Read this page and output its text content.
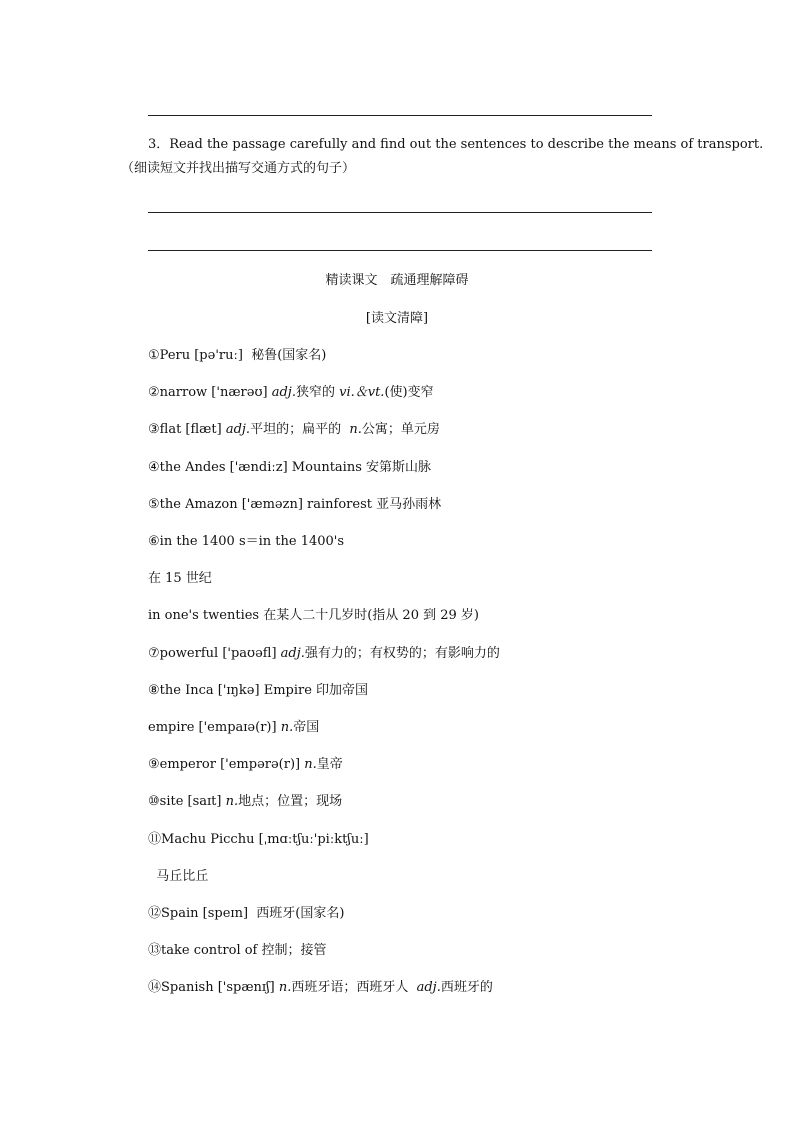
3．Read the passage carefully and find out the sentences to describe the means of transport.
（细读短文并找出描写交通方式的句子）
精读课文　疏通理解障碍
[读文清障]
①Peru [pə'ruː]  秘鲁(国家名)
②narrow ['nærəʊ] adj.狭窄的 vi.＆vt.(使)变窄
③flat [flæt] adj.平坦的；扁平的  n.公寓；单元房
④the Andes ['ændiːz] Mountains 安第斯山脉
⑤the Amazon ['æməzn] rainforest 亚马孙雨林
⑥in the 1400 s＝in the 1400's
在 15 世纪
in one's twenties 在某人二十几岁时(指从 20 到 29 岁)
⑦powerful ['paʊəfl] adj.强有力的；有权势的；有影响力的
⑧the Inca ['ɪŋkə] Empire 印加帝国
empire ['empaɪə(r)] n.帝国
⑨emperor ['empərə(r)] n.皇帝
⑩site [saɪt] n.地点；位置；现场
⑪Machu Picchu [ˌmɑːtʃuː'piːktʃuː]
马丘比丘
⑫Spain [speɪn]  西班牙(国家名)
⑬take control of 控制；接管
⑭Spanish ['spænɪʃ] n.西班牙语；西班牙人  adj.西班牙的
